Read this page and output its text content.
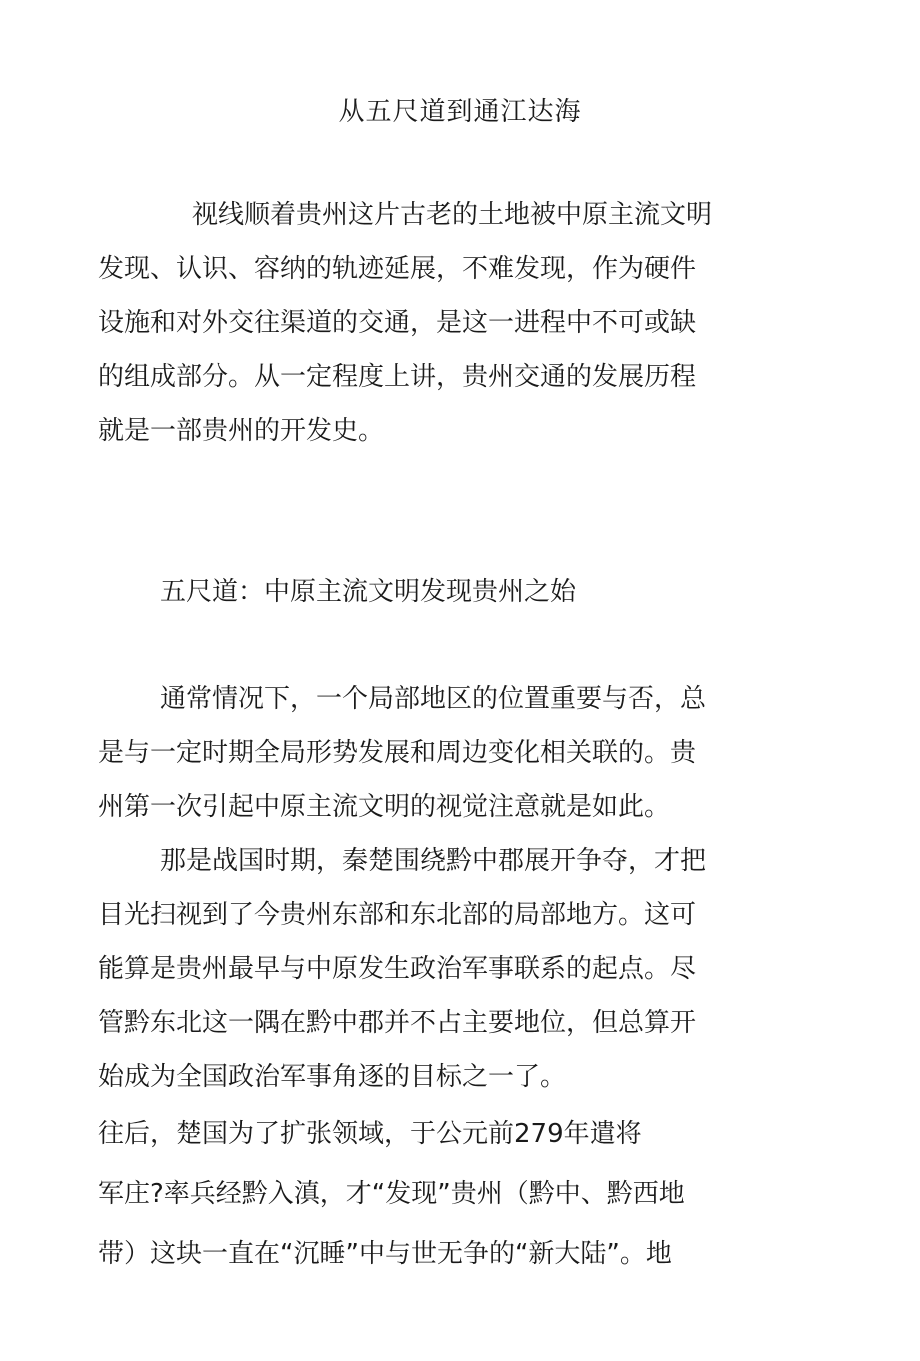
从五尺道到通江达海
视线顺着贵州这片古老的土地被中原主流文明
发现、认识、容纳的轨迹延展，不难发现，作为硬件
设施和对外交往渠道的交通，是这一进程中不可或缺
的组成部分。从一定程度上讲，贵州交通的发展历程
就是一部贵州的开发史。
五尺道：中原主流文明发现贵州之始
通常情况下，一个局部地区的位置重要与否，总
是与一定时期全局形势发展和周边变化相关联的。贵
州第一次引起中原主流文明的视觉注意就是如此。
那是战国时期，秦楚围绕黔中郡展开争夺，才把
目光扫视到了今贵州东部和东北部的局部地方。这可
能算是贵州最早与中原发生政治军事联系的起点。尽
管黔东北这一隅在黔中郡并不占主要地位，但总算开
始成为全国政治军事角逐的目标之一了。
往后，楚国为了扩张领域，于公元前279年遣将
军庄?率兵经黔入滇，才“发现”贵州（黔中、黔西地
带）这块一直在“沉睡”中与世无争的“新大陆”。地
